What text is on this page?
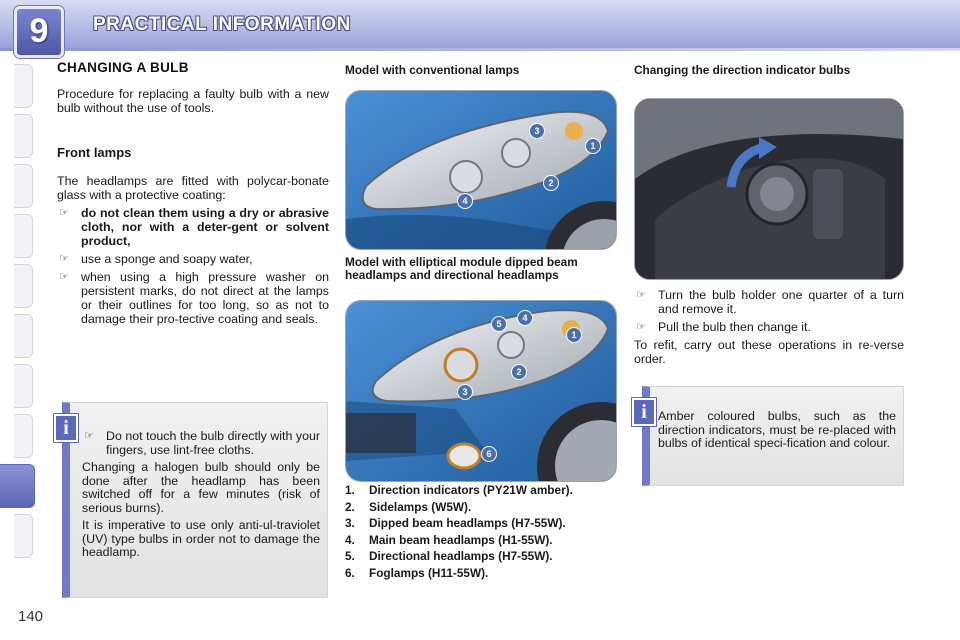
9	PRACTICAL INFORMATION
CHANGING A BULB

Procedure for replacing a faulty bulb with a new bulb without the use of tools.

Front lamps

The headlamps are fitted with polycar-bonate glass with a protective coating:

☞ do not clean them using a dry or abrasive cloth, nor with a deter-gent or solvent product,
☞ use a sponge and soapy water,
☞ when using a high pressure washer on persistent marks, do not direct at the lamps or their outlines for too long, so as not to damage their pro-tective coating and seals.
i	☞ Do not touch the bulb directly with your fingers, use lint-free cloths.
Changing a halogen bulb should only be done after the headlamp has been switched off for a few minutes (risk of serious burns).
It is imperative to use only anti-ul-traviolet (UV) type bulbs in order not to damage the headlamp.
Model with conventional lamps
3
1
2
4
Model with elliptical module dipped beam headlamps and directional headlamps
5
4
1
2
3
6
1. Direction indicators (PY21W amber).
2. Sidelamps (W5W).
3. Dipped beam headlamps (H7-55W).
4. Main beam headlamps (H1-55W).
5. Directional headlamps (H7-55W).
6. Foglamps (H11-55W).
Changing the direction indicator bulbs
☞ Turn the bulb holder one quarter of a turn and remove it.
☞ Pull the bulb then change it.
To refit, carry out these operations in re-verse order.
i Amber coloured bulbs, such as the direction indicators, must be re-placed with bulbs of identical speci-fication and colour.
140
